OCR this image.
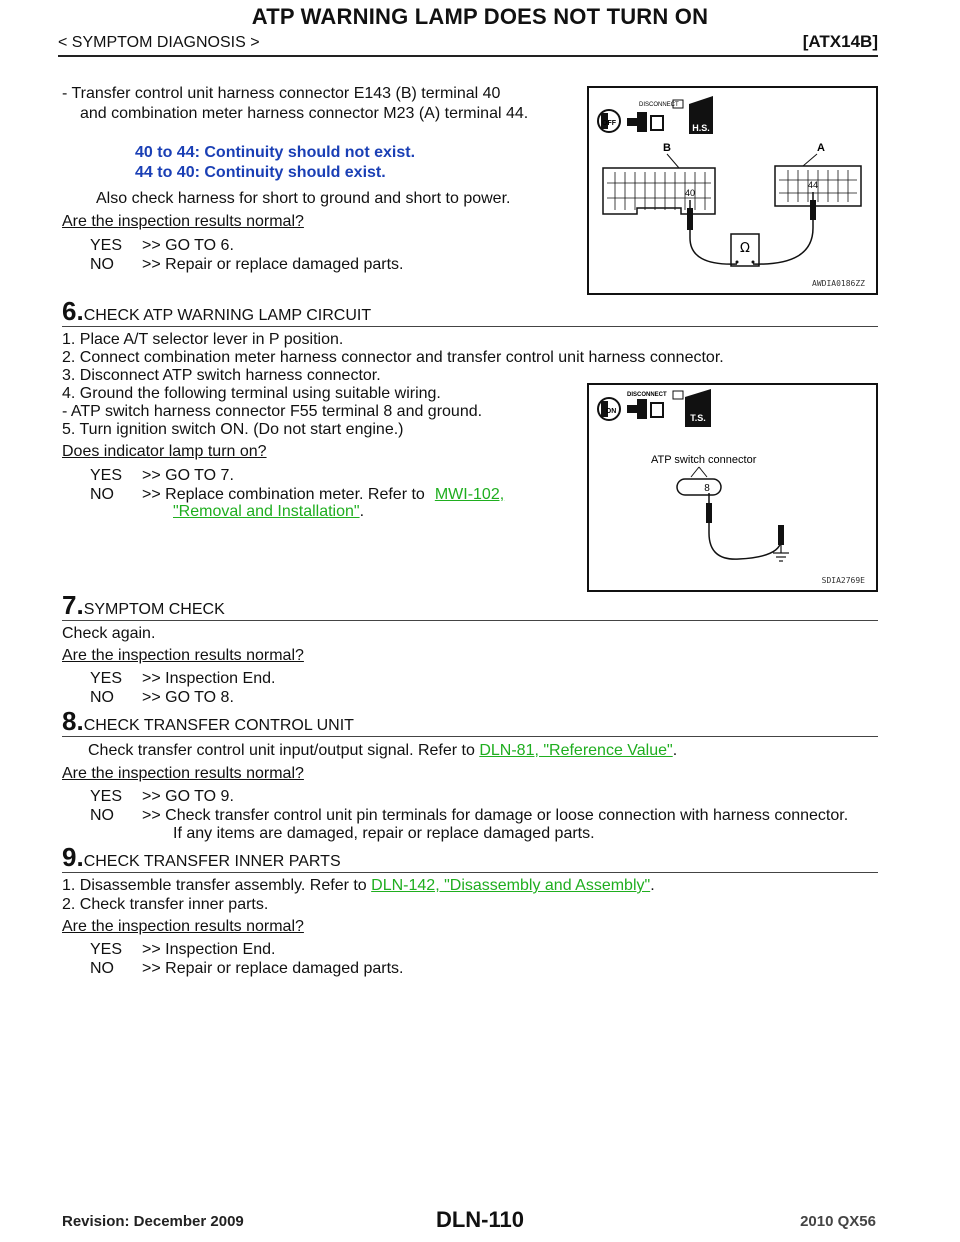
ATP WARNING LAMP DOES NOT TURN ON
< SYMPTOM DIAGNOSIS >	[ATX14B]
- Transfer control unit harness connector E143 (B) terminal 40
and combination meter harness connector M23 (A) terminal 44.
40 to 44: Continuity should not exist.
44 to 40: Continuity should exist.
Also check harness for short to ground and short to power.
Are the inspection results normal?
YES	>> GO TO 6.
NO	>> Repair or replace damaged parts.
OFF
DISCONNECT
H.S.
B	A
40
44
Ω
AWDIA0186ZZ
6.CHECK ATP WARNING LAMP CIRCUIT
1. Place A/T selector lever in P position.
2. Connect combination meter harness connector and transfer control unit harness connector.
3. Disconnect ATP switch harness connector.
4. Ground the following terminal using suitable wiring.
- ATP switch harness connector F55 terminal 8 and ground.
5. Turn ignition switch ON. (Do not start engine.)
Does indicator lamp turn on?
YES	>> GO TO 7.
NO	>> Replace combination meter. Refer to MWI-102,
"Removal and Installation".
ON
DISCONNECT
T.S.
ATP switch connector
8
SDIA2769E
7.SYMPTOM CHECK
Check again.
Are the inspection results normal?
YES	>> Inspection End.
NO	>> GO TO 8.
8.CHECK TRANSFER CONTROL UNIT
Check transfer control unit input/output signal. Refer to DLN-81, "Reference Value".
Are the inspection results normal?
YES	>> GO TO 9.
NO	>> Check transfer control unit pin terminals for damage or loose connection with harness connector.
If any items are damaged, repair or replace damaged parts.
9.CHECK TRANSFER INNER PARTS
1. Disassemble transfer assembly. Refer to DLN-142, "Disassembly and Assembly".
2. Check transfer inner parts.
Are the inspection results normal?
YES	>> Inspection End.
NO	>> Repair or replace damaged parts.
Revision: December 2009	DLN-110	2010 QX56
